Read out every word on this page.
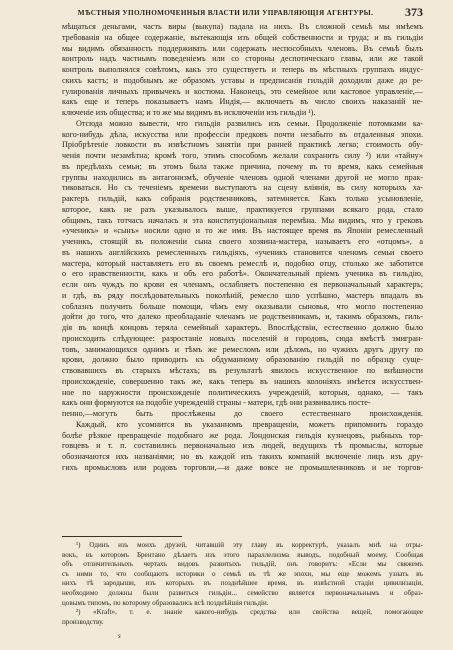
МѢСТНЫЯ УПОЛНОМОЧЕННЫЯ ВЛАСТИ ИЛИ УПРАВЛЯЮЩІЯ АГЕНТУРЫ.	373
мѣщаться деньгами, часть виры (выкупа) падала на нихъ. Въ сложной семьѣ мы имѣемъ
требованія на общее содержаніе, вытекающія изъ общей собственности и труда; и въ гильдіи
мы видимъ обязанность поддерживать или содержать неспособныхъ членовъ. Въ семьѣ былъ
контроль надъ частнымъ поведеніемъ или со стороны деспотическаго главы, или же такой
контроль выполнялся совѣтомъ, какъ это существуетъ и теперь въ мѣстныхъ группахъ индус-
скихъ кастъ; и подобнымъ же образомъ уставы и предписанія гильдій доходили даже до ре-
гулированія личныхъ привычекъ и костюма. Наконецъ, это семейное или кастовое управленіе,—
какъ еще и теперь показываетъ намъ Индія,— включаетъ въ число своихъ наказаній не-
ключеніе изъ общества; и то же мы видимъ въ исключеніи изъ гильдіи ¹).
Отсюда можно вывести, что гильдія развились изъ семьи. Продолженіе потомками ка-
кого-нибудь дѣла, искусства или профессіи предковъ почти незабыто въ отдаленныя эпохи.
Пріобрѣтеніе ловкости въ извѣстномъ занятіи при ранней практикѣ легко; стоимость обу-
ченія почти незамѣтна; кромѣ того, этимъ способомъ желали сохранить силу ²) или «тайну»
въ предѣлахъ семьи; въ этомъ была также причина, почему въ то время, какъ семейныя
группы находились въ антагонизмѣ, обученіе членовъ одной членами другой не могло прак-
тиковаться. Но съ теченіемъ времени выступаютъ на сцену вліянія, въ силу которыхъ ха-
рактеръ гильдій, какъ собранія родственниковъ, затемняется. Какъ только усыновленіе,
которое, какъ не разъ указывалось выше, практикуется группами всякаго рода, стало
общимъ, такъ тотчасъ началась и эта конституціональная перемѣна. Мы видимъ, что у грековъ
«ученикъ» и «сынъ» носили одно и то же имя. Въ настоящее время въ Японіи ремесленный
ученикъ, стоящій въ положеніи сына своего хозяина-мастера, называетъ его «отцомъ», а
въ нашихъ англійскихъ ремесленныхъ гильдіяхъ, «ученикъ становится членомъ семьи своего
мастера, который наставляетъ его въ своемъ ремеслѣ и, подобно отцу, столько же заботится
о его нравственности, какъ и объ его работѣ». Окончательный пріемъ ученика въ гильдію,
если онъ чуждъ по крови ея членамъ, ослабляетъ постепенно ея первоначальный характеръ;
и гдѣ, въ ряду послѣдовательныхъ поколѣній, ремесло шло успѣшно, мастеръ впадалъ въ
соблазнъ получить больше помощи, чѣмъ ему оказывали сыновья, что могло постепенно
дойти до того, что далеко преобладаніе членамъ не родственникамъ, и, такимъ образомъ, гиль-
дія въ концѣ концовъ теряла семейный характеръ. Впослѣдствіи, естественно должно было
происходить слѣдующее: разростаніе новыхъ поселеній и городовъ, сюда вмѣстѣ эмигран-
товъ, занимающихся однимъ и тѣмъ же ремесломъ или дѣломъ, но чужихъ другъ другу по
крови, должно было приводить къ обдуманному образованію гильдій по образцу суще-
ствовавшихъ въ старыхъ мѣстахъ; въ результатѣ явилось искусственное по внѣшности
происхожденіе, совершенно такъ же, какъ теперь въ нашихъ колоніяхъ имѣется искусствен-
ное по наружности происхожденіе политическихъ учрежденій, которыя, однако, — такъ
какъ они формуются на подобіе учрежденій страны - матери, гдѣ они развивались посте-
пенно,—могутъ быть прослѣжены до своего естественнаго происхожденія.
Каждый, кто усомнится въ указанномъ превращеніи, можетъ припомнить гораздо
болѣе рѣзкое превращеніе подобнаго же рода. Лондонская гильдія кузнецовъ, рыбныхъ тор-
говцевъ и т. п. составились первоначально изъ людей, ведущихъ тѣ промыслы, которые
обозначаются ихъ названіями; но въ каждой изъ такихъ компаній включеніе лицъ изъ дру-
гихъ промысловъ или родовъ торговли,—и даже вовсе не промышленниковъ и не торгов-
¹) Одинъ изъ моихъ друзей, читавшій эту главу въ корректурѣ, указалъ мнѣ на отры-
вокъ, въ которомъ Брентано дѣлаетъ изъ этого параллелизма выводъ, подобный моему. Сообщая
объ отличительныхъ чертахъ видовъ развитыхъ гильдій, онъ говоритъ: «Если мы свяжемъ
съ ними то, что сообщаютъ историки о семьѣ въ тѣ же эпохи, мы еще можемъ узнать въ
нихъ тѣ зародыши, изъ которыхъ въ позднѣйшее время, въ извѣстной стадіи цивилизаціи,
необходимо должны были развиться гильдіи... семейство является первоначальнымъ и образ-
цовымъ типомъ, по которому образовались всѣ позднѣйшія гильдіи.
²) «Kraft», т. е. знаніе какого-нибудь средства или свойства вещей, помогающее
производству.
s
